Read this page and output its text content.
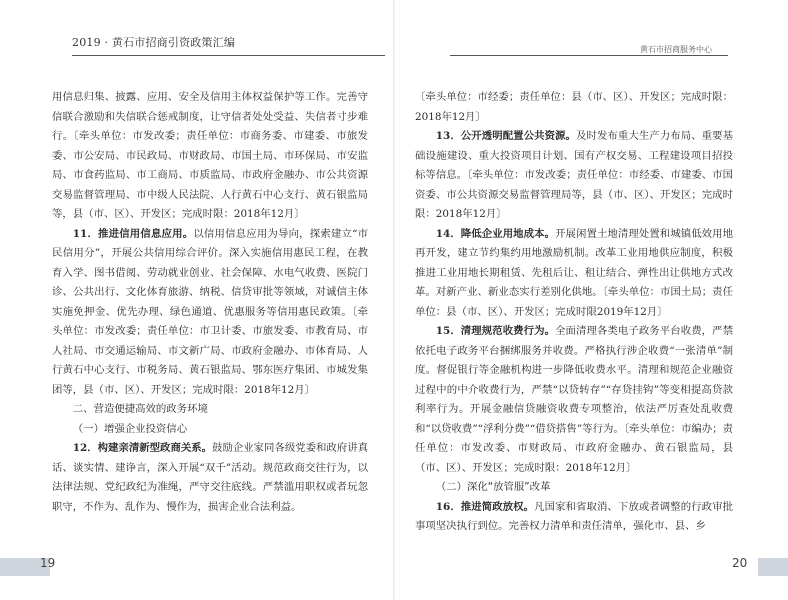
2019 · 黄石市招商引资政策汇编
黄石市招商服务中心

用信息归集、披露、应用、安全及信用主体权益保护等工作。完善守信联合激励和失信联合惩戒制度，让守信者处处受益、失信者寸步难行。〔牵头单位：市发改委；责任单位：市商务委、市建委、市旅发委、市公安局、市民政局、市财政局、市国土局、市环保局、市安监局、市食药监局、市工商局、市质监局、市政府金融办、市公共资源交易监督管理局、市中级人民法院、人行黄石中心支行、黄石银监局等，县（市、区）、开发区；完成时限：2018年12月〕

11．推进信用信息应用。以信用信息应用为导向，探索建立“市民信用分”，开展公共信用综合评价。深入实施信用惠民工程，在教育入学、图书借阅、劳动就业创业、社会保障、水电气收费、医院门诊、公共出行、文化体育旅游、纳税、信贷审批等领域，对诚信主体实施免押金、优先办理、绿色通道、优惠服务等信用惠民政策。〔牵头单位：市发改委；责任单位：市卫计委、市旅发委、市教育局、市人社局、市交通运输局、市文新广局、市政府金融办、市体育局、人行黄石中心支行、市税务局、黄石银监局、鄂东医疗集团、市城发集团等，县（市、区）、开发区；完成时限：2018年12月〕

二、营造便捷高效的政务环境

（一）增强企业投资信心

12．构建亲清新型政商关系。鼓励企业家同各级党委和政府讲真话、谈实情、建诤言，深入开展“双千”活动。规范政商交往行为，以法律法规、党纪政纪为准绳，严守交往底线。严禁滥用职权或者玩忽职守，不作为、乱作为、慢作为，损害企业合法利益。

〔牵头单位：市经委；责任单位：县（市、区）、开发区；完成时限：2018年12月〕

13．公开透明配置公共资源。及时发布重大生产力布局、重要基础设施建设、重大投资项目计划、国有产权交易、工程建设项目招投标等信息。〔牵头单位：市发改委；责任单位：市经委、市建委、市国资委、市公共资源交易监督管理局等，县（市、区）、开发区；完成时限：2018年12月〕

14．降低企业用地成本。开展闲置土地清理处置和城镇低效用地再开发，建立节约集约用地激励机制。改革工业用地供应制度，积极推进工业用地长期租赁、先租后让、租让结合、弹性出让供地方式改革。对新产业、新业态实行差别化供地。〔牵头单位：市国土局；责任单位：县（市、区）、开发区；完成时限2019年12月〕

15．清理规范收费行为。全面清理各类电子政务平台收费，严禁依托电子政务平台捆绑服务并收费。严格执行涉企收费“一张清单”制度。督促银行等金融机构进一步降低收费水平。清理和规范企业融资过程中的中介收费行为，严禁“以贷转存”“存贷挂钩”等变相提高贷款利率行为。开展金融信贷融资收费专项整治，依法严厉查处乱收费和“以贷收费”“浮利分费”“借贷搭售”等行为。〔牵头单位：市编办；责任单位：市发改委、市财政局、市政府金融办、黄石银监局，县（市、区）、开发区；完成时限：2018年12月〕

（二）深化“放管服”改革

16．推进简政放权。凡国家和省取消、下放或者调整的行政审批事项坚决执行到位。完善权力清单和责任清单，强化市、县、乡

19	20
